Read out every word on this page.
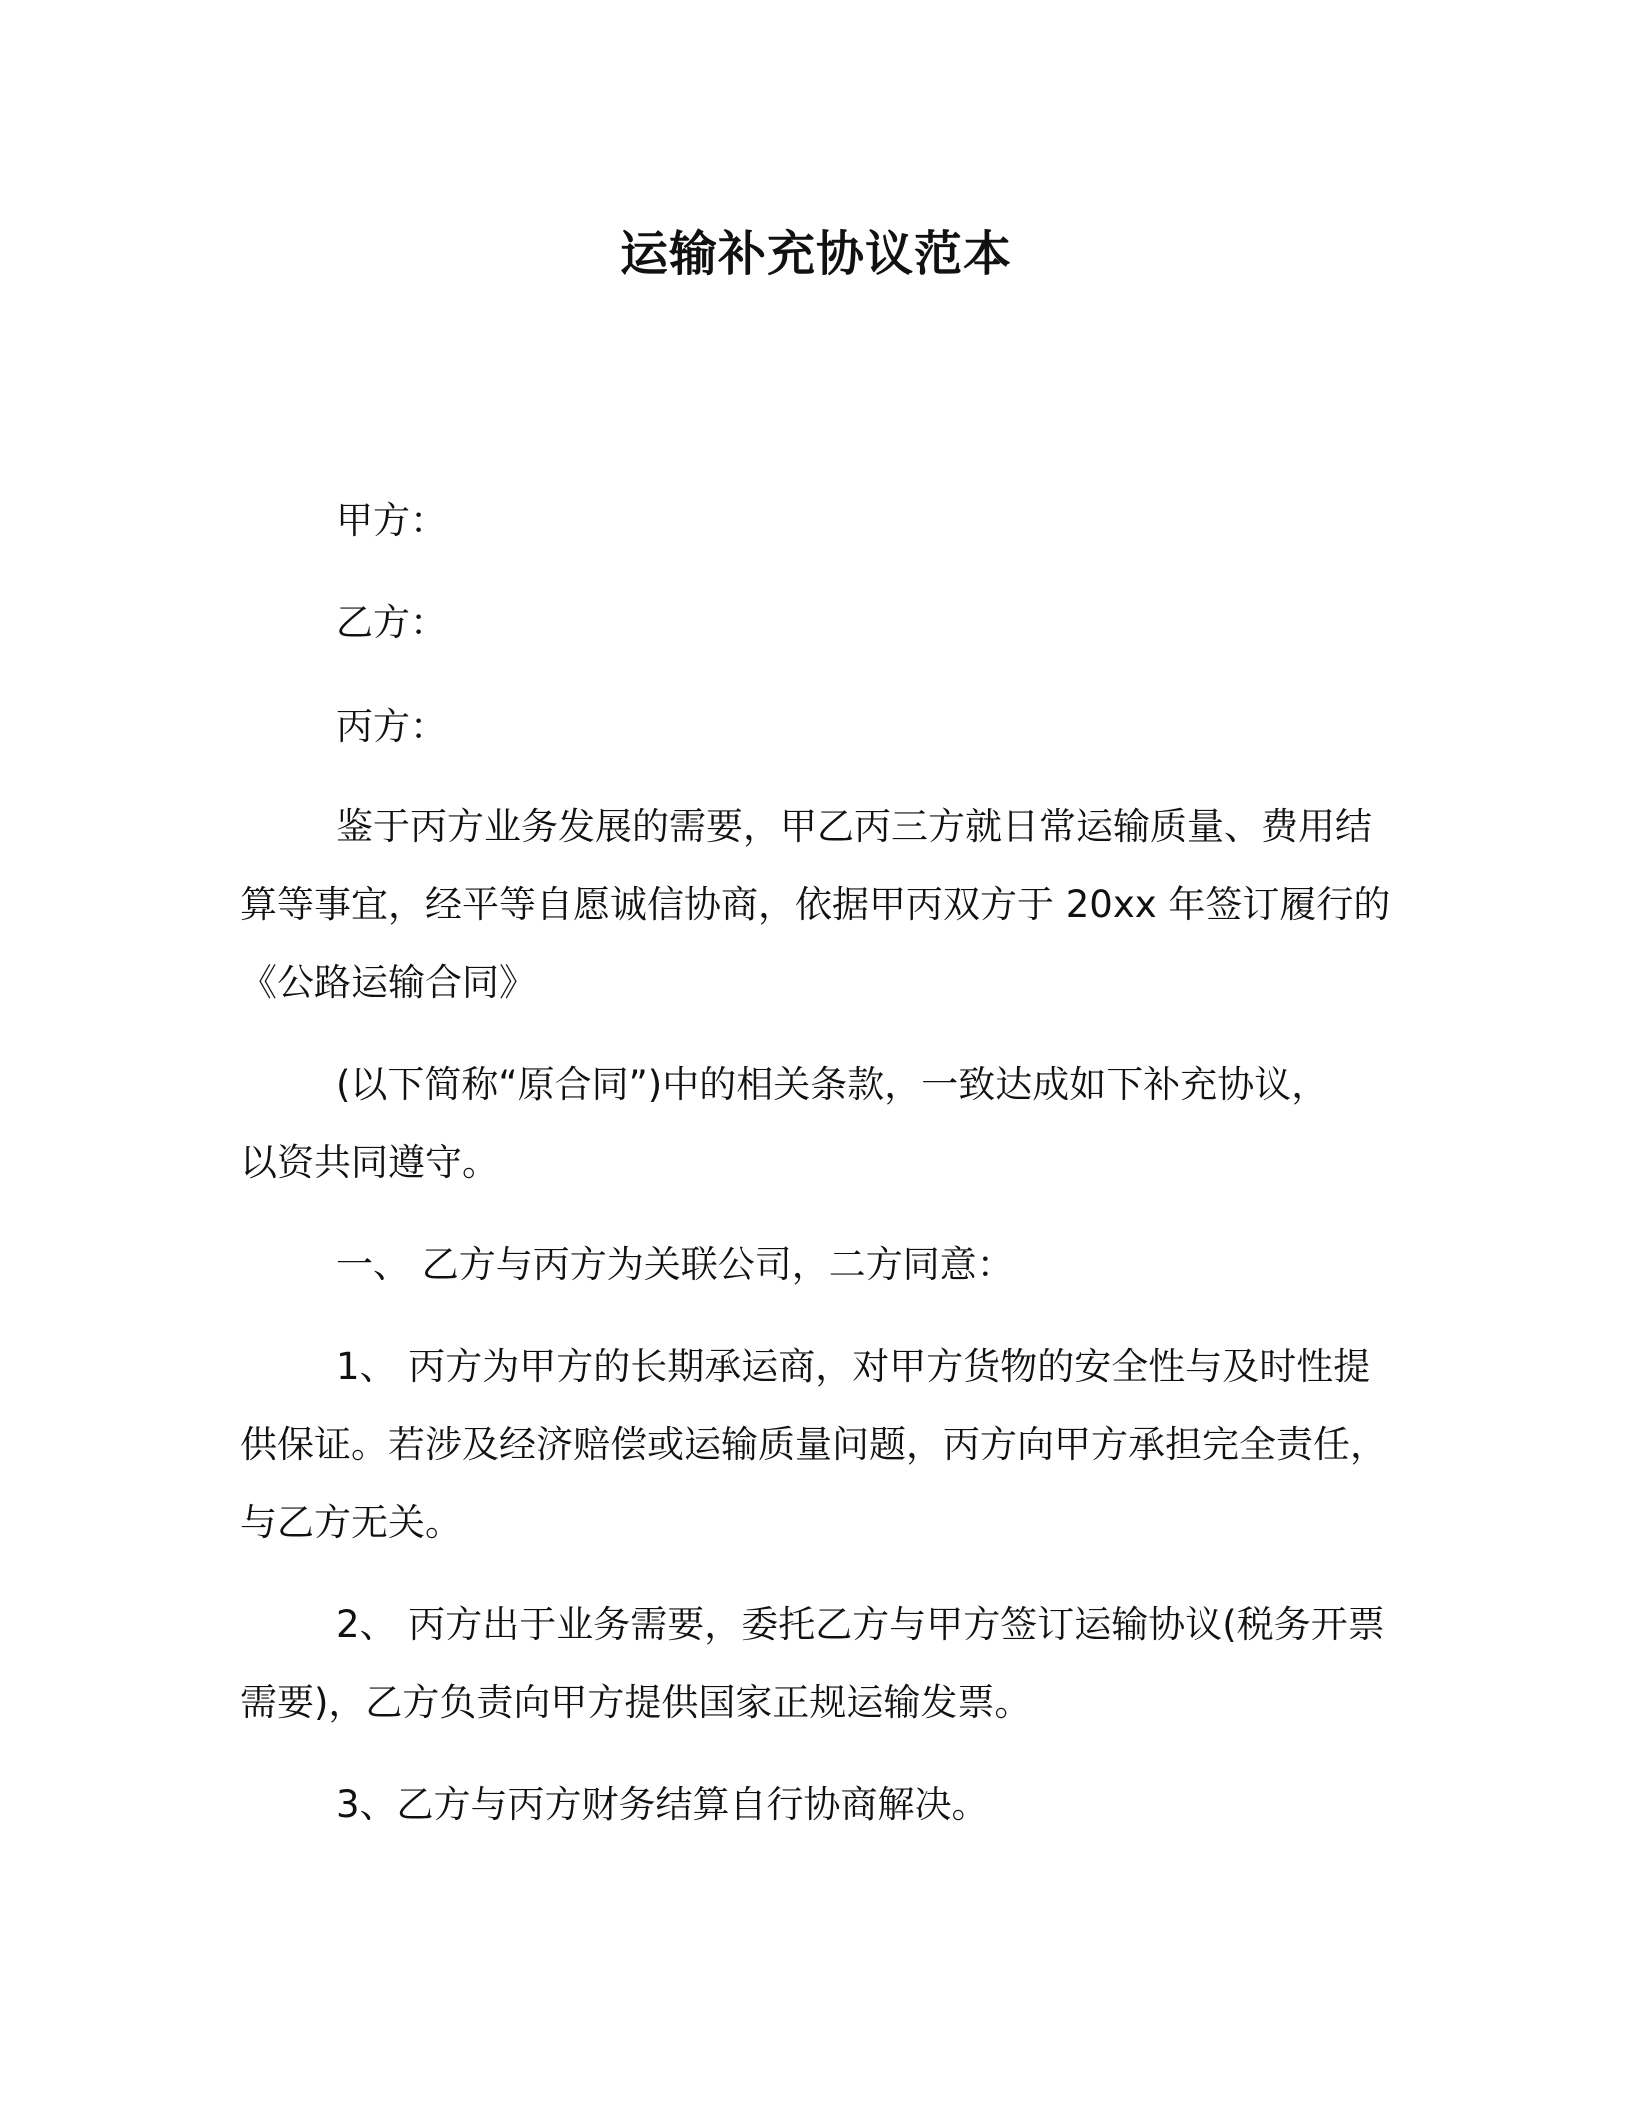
运输补充协议范本

甲方：

乙方：

丙方：

鉴于丙方业务发展的需要，甲乙丙三方就日常运输质量、费用结
算等事宜，经平等自愿诚信协商，依据甲丙双方于 20xx 年签订履行的
《公路运输合同》
(以下简称“原合同”)中的相关条款，一致达成如下补充协议，
以资共同遵守。

一、 乙方与丙方为关联公司，二方同意：

1、 丙方为甲方的长期承运商，对甲方货物的安全性与及时性提
供保证。若涉及经济赔偿或运输质量问题，丙方向甲方承担完全责任，
与乙方无关。
2、 丙方出于业务需要，委托乙方与甲方签订运输协议(税务开票
需要)，乙方负责向甲方提供国家正规运输发票。
3、乙方与丙方财务结算自行协商解决。
